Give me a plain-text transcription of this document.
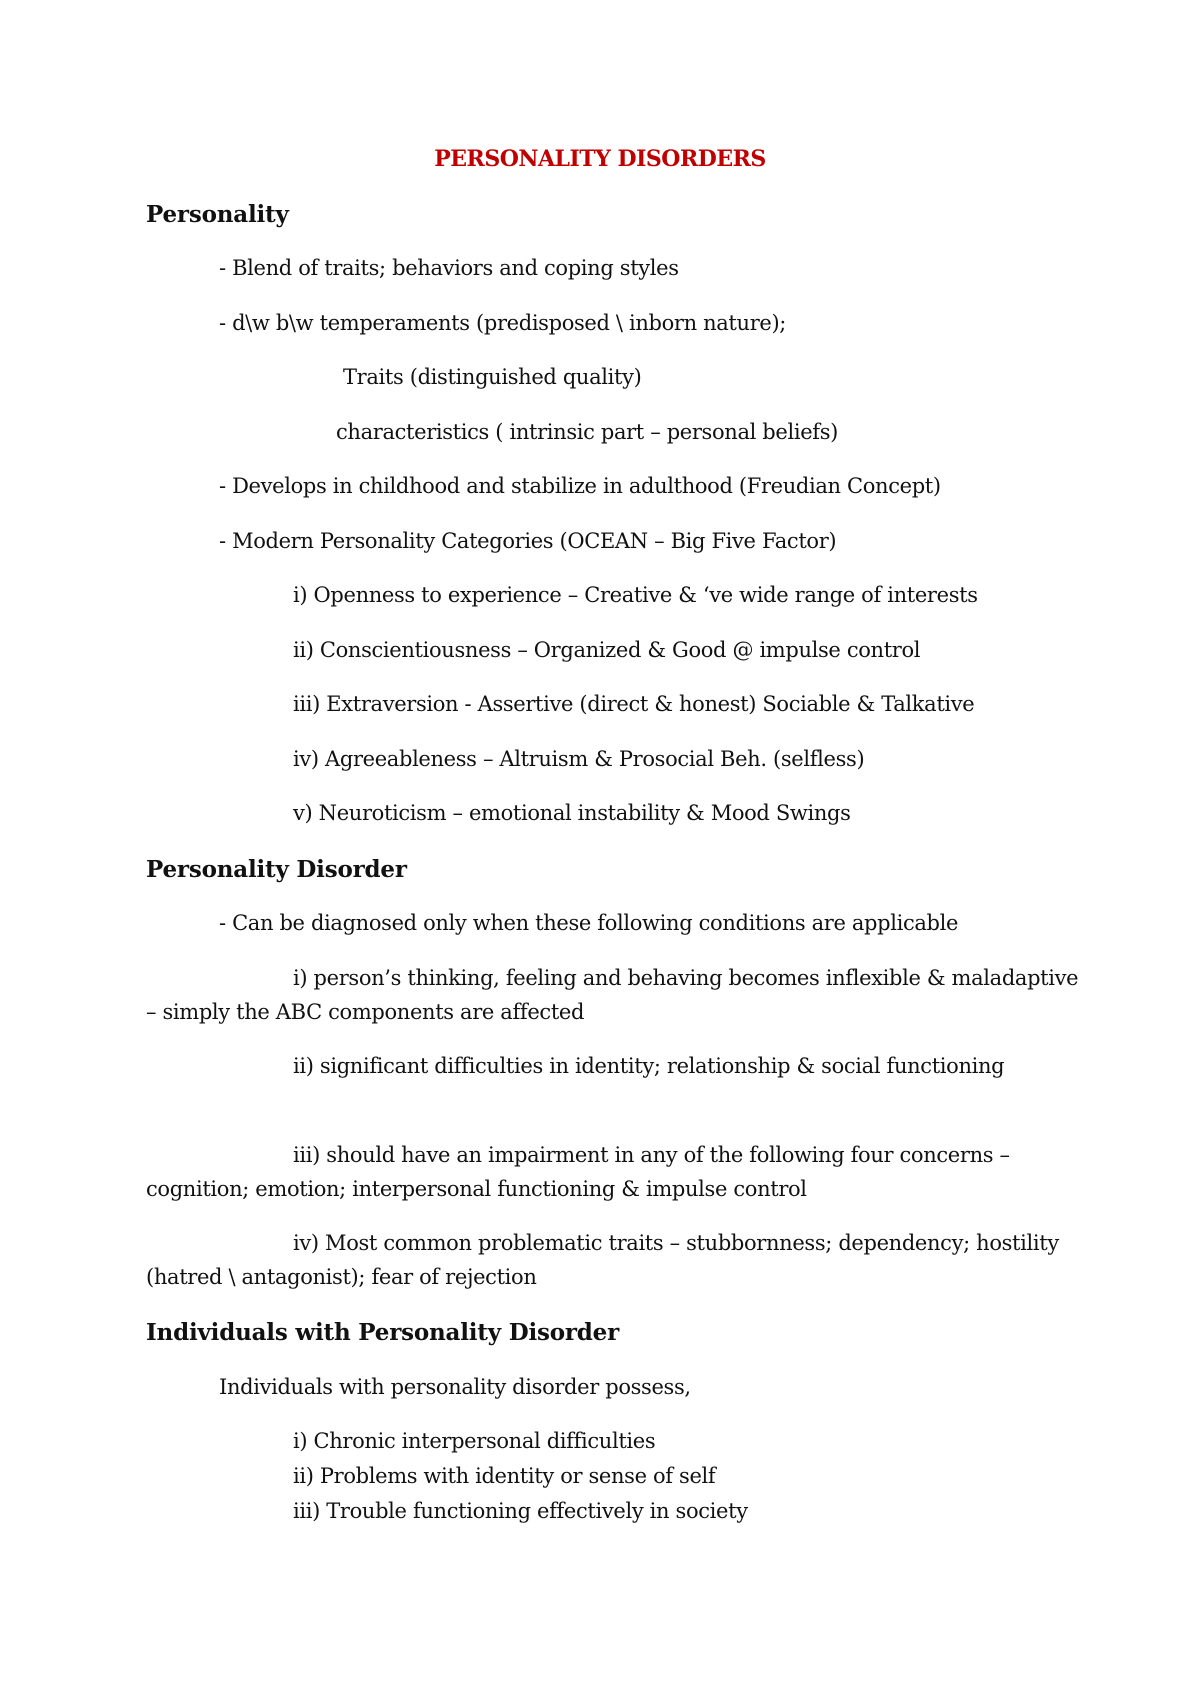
PERSONALITY DISORDERS
Personality
- Blend of traits; behaviors and coping styles
- d\w b\w temperaments (predisposed \ inborn nature);
Traits (distinguished quality)
characteristics ( intrinsic part – personal beliefs)
- Develops in childhood and stabilize in adulthood (Freudian Concept)
- Modern Personality Categories (OCEAN – Big Five Factor)
i) Openness to experience – Creative & ‘ve wide range of interests
ii) Conscientiousness – Organized & Good @ impulse control
iii) Extraversion - Assertive (direct & honest) Sociable & Talkative
iv) Agreeableness – Altruism & Prosocial Beh. (selfless)
v) Neuroticism – emotional instability & Mood Swings
Personality Disorder
- Can be diagnosed only when these following conditions are applicable
i) person’s thinking, feeling and behaving becomes inflexible & maladaptive – simply the ABC components are affected
ii) significant difficulties in identity; relationship & social functioning
iii) should have an impairment in any of the following four concerns – cognition; emotion; interpersonal functioning & impulse control
iv) Most common problematic traits – stubbornness; dependency; hostility (hatred \ antagonist); fear of rejection
Individuals with Personality Disorder
Individuals with personality disorder possess,
i) Chronic interpersonal difficulties
ii) Problems with identity or sense of self
iii) Trouble functioning effectively in society
